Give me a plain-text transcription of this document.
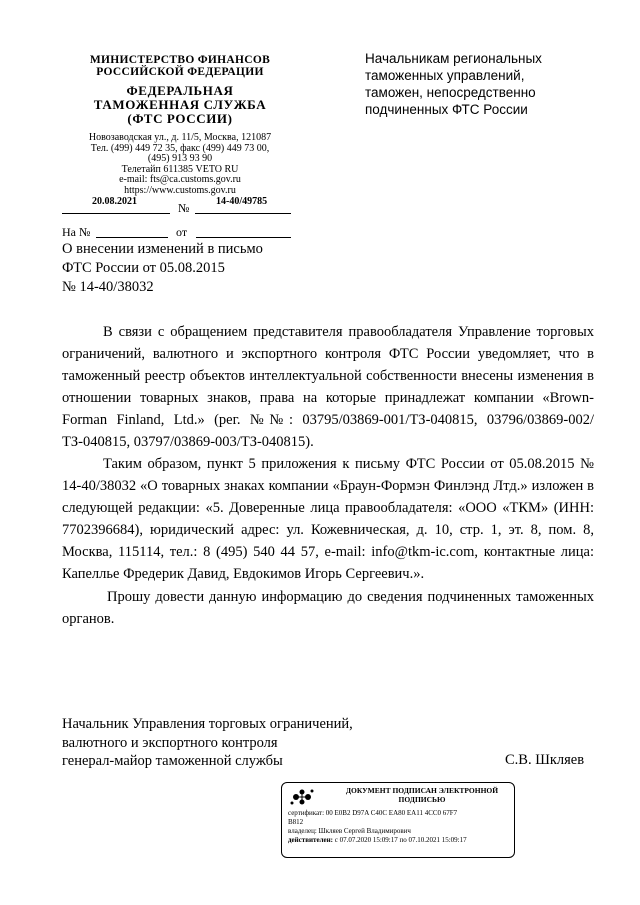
МИНИСТЕРСТВО ФИНАНСОВ
РОССИЙСКОЙ ФЕДЕРАЦИИ
ФЕДЕРАЛЬНАЯ
ТАМОЖЕННАЯ СЛУЖБА
(ФТС РОССИИ)
Новозаводская ул., д. 11/5, Москва, 121087
Тел. (499) 449 72 35, факс (499) 449 73 00,
(495) 913 93 90
Телетайп 611385 VETO RU
e-mail: fts@ca.customs.gov.ru
https://www.customs.gov.ru
Начальникам региональных
таможенных управлений,
таможен, непосредственно
подчиненных ФТС России
20.08.2021	№	14-40/49785
На №	от
О внесении изменений в письмо
ФТС России от 05.08.2015
№ 14-40/38032

В связи с обращением представителя правообладателя Управление торговых ограничений, валютного и экспортного контроля ФТС России уведомляет, что в таможенный реестр объектов интеллектуальной собственности внесены изменения в отношении товарных знаков, права на которые принадлежат компании «Brown-Forman Finland, Ltd.» (рег. №№: 03795/03869-001/ТЗ-040815, 03796/03869-002/ТЗ-040815, 03797/03869-003/ТЗ-040815).

Таким образом, пункт 5 приложения к письму ФТС России от 05.08.2015 № 14-40/38032 «О товарных знаках компании «Браун-Формэн Финлэнд Лтд.» изложен в следующей редакции: «5. Доверенные лица правообладателя: «ООО «ТКМ» (ИНН: 7702396684), юридический адрес: ул. Кожевническая, д. 10, стр. 1, эт. 8, пом. 8, Москва, 115114, тел.: 8 (495) 540 44 57, e-mail: info@tkm-ic.com, контактные лица: Капеллье Фредерик Давид, Евдокимов Игорь Сергеевич.».

Прошу довести данную информацию до сведения подчиненных таможенных органов.

Начальник Управления торговых ограничений,
валютного и экспортного контроля
генерал-майор таможенной службы	С.В. Шкляев
ДОКУМЕНТ ПОДПИСАН ЭЛЕКТРОННОЙ
ПОДПИСЬЮ
сертификат: 00 E0B2 D97A C40C EA80 EA11 4CC0 67F7
B812
владелец: Шкляев Сергей Владимирович
действителен: с 07.07.2020 15:09:17 по 07.10.2021 15:09:17
